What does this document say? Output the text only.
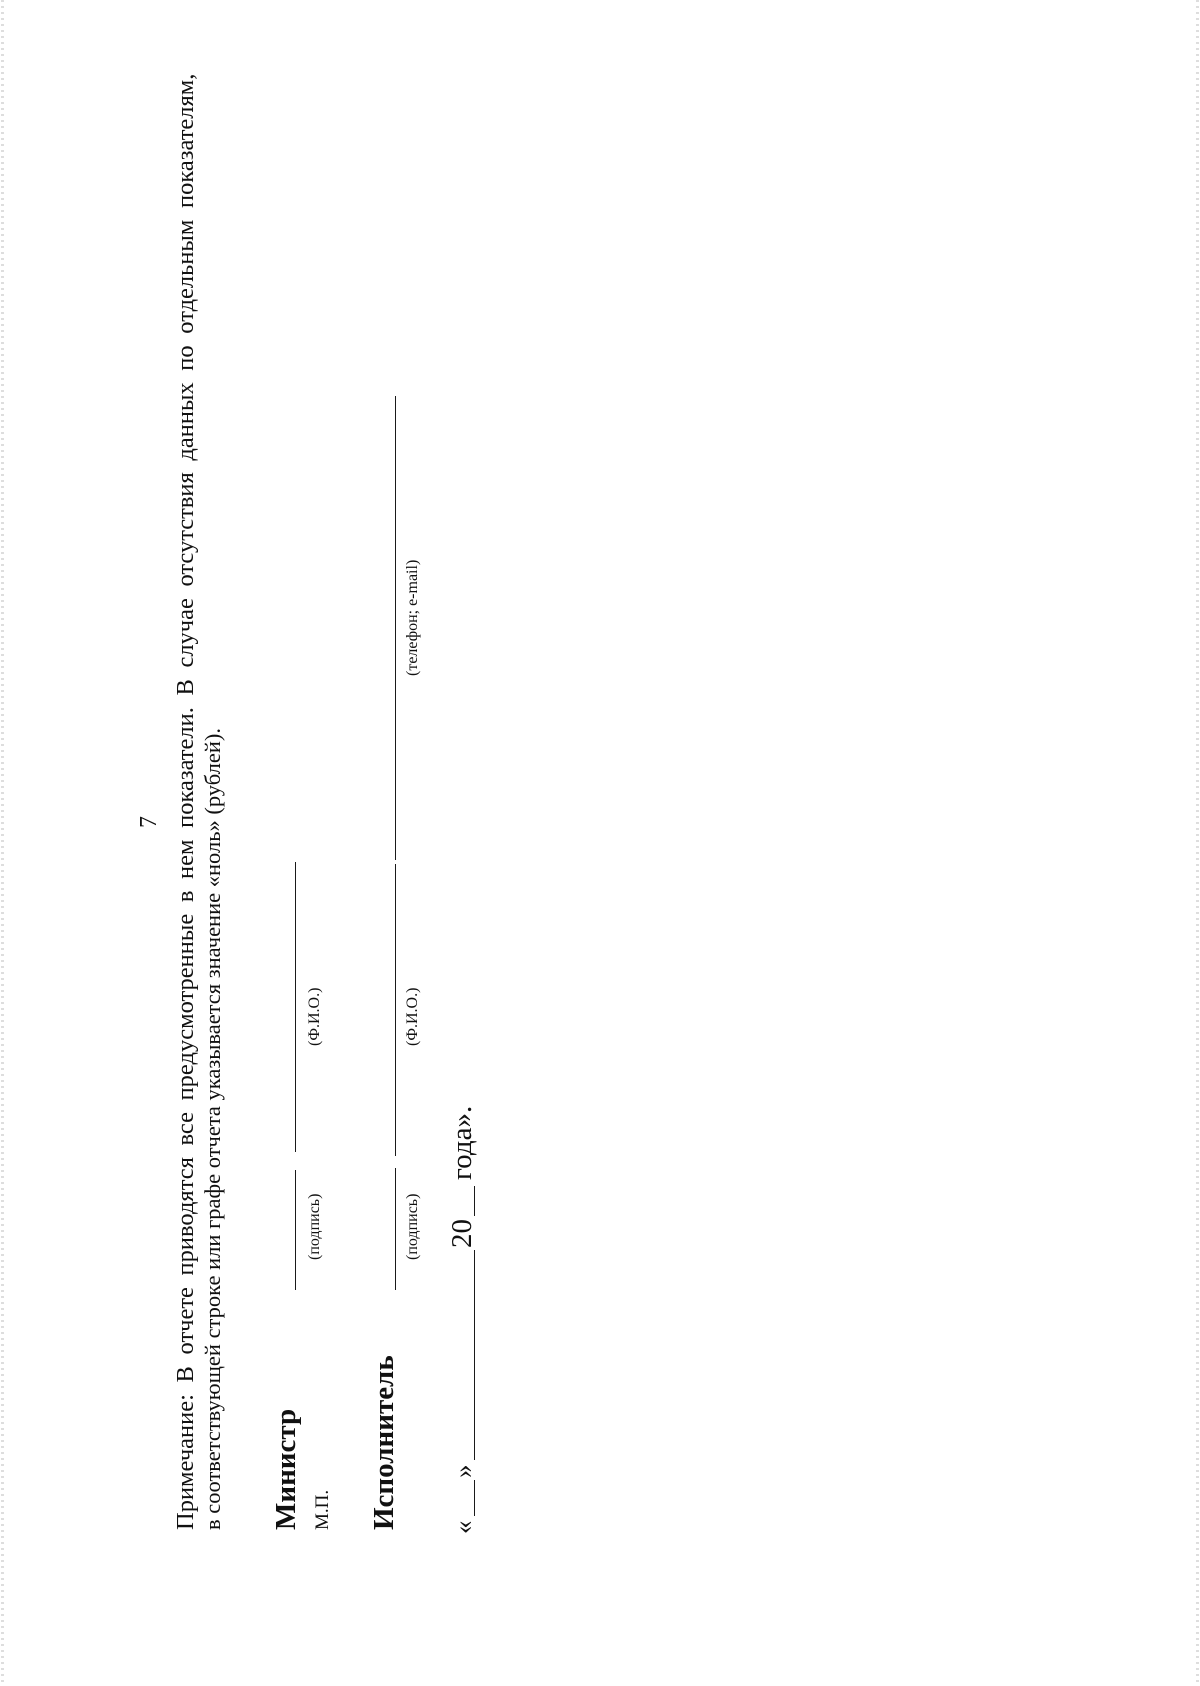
7 Примечание: В отчете приводятся все предусмотренные в нем показатели. В случае отсутствия данных по отдельным показателям, в соответствующей строке или графе отчета указывается значение «ноль» (рублей). Министр М.П.
(подпись)
(Ф.И.О.)
Исполнитель
(подпись)
(Ф.И.О.)
(телефон; e-mail)
«
»
20
года».
